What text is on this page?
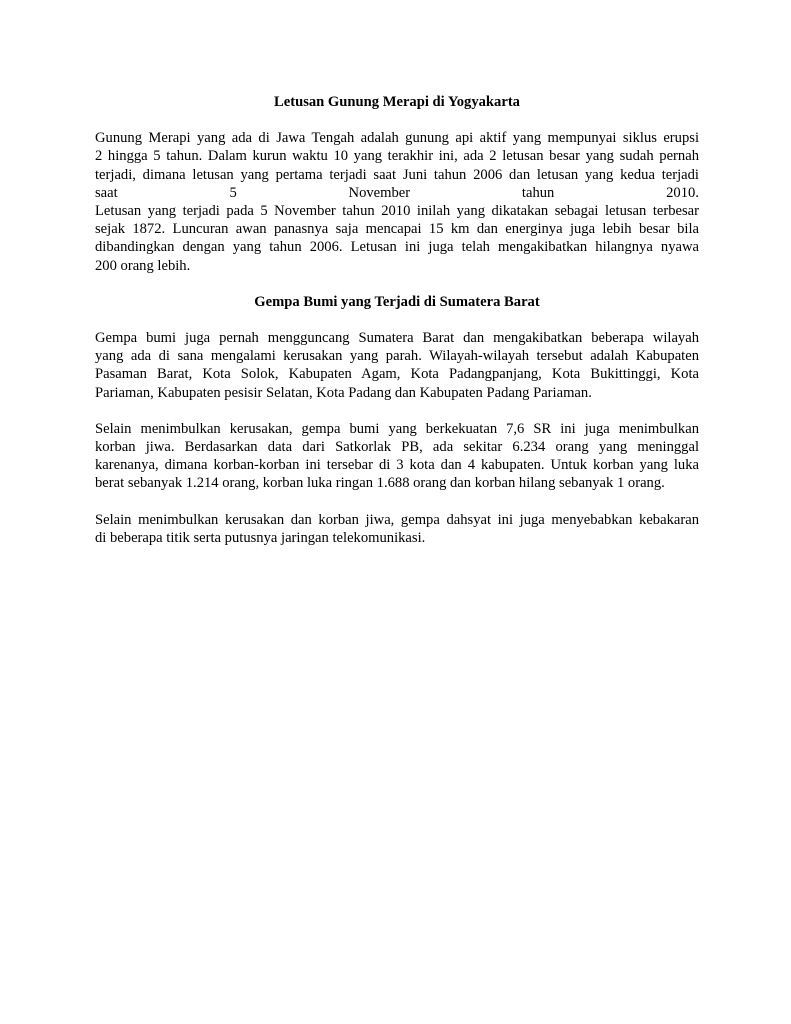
Letusan Gunung Merapi di Yogyakarta

Gunung Merapi yang ada di Jawa Tengah adalah gunung api aktif yang mempunyai siklus erupsi
2 hingga 5 tahun. Dalam kurun waktu 10 yang terakhir ini, ada 2 letusan besar yang sudah pernah
terjadi, dimana letusan yang pertama terjadi saat Juni tahun 2006 dan letusan yang kedua terjadi
saat	5	November	tahun	2010.
Letusan yang terjadi pada 5 November tahun 2010 inilah yang dikatakan sebagai letusan terbesar
sejak 1872. Luncuran awan panasnya saja mencapai 15 km dan energinya juga lebih besar bila
dibandingkan dengan yang tahun 2006. Letusan ini juga telah mengakibatkan hilangnya nyawa
200 orang lebih.

Gempa Bumi yang Terjadi di Sumatera Barat

Gempa bumi juga pernah mengguncang Sumatera Barat dan mengakibatkan beberapa wilayah
yang ada di sana mengalami kerusakan yang parah. Wilayah-wilayah tersebut adalah Kabupaten
Pasaman Barat, Kota Solok, Kabupaten Agam, Kota Padangpanjang, Kota Bukittinggi, Kota
Pariaman, Kabupaten pesisir Selatan, Kota Padang dan Kabupaten Padang Pariaman.
Selain menimbulkan kerusakan, gempa bumi yang berkekuatan 7,6 SR ini juga menimbulkan
korban jiwa. Berdasarkan data dari Satkorlak PB, ada sekitar 6.234 orang yang meninggal
karenanya, dimana korban-korban ini tersebar di 3 kota dan 4 kabupaten. Untuk korban yang luka
berat sebanyak 1.214 orang, korban luka ringan 1.688 orang dan korban hilang sebanyak 1 orang.
Selain menimbulkan kerusakan dan korban jiwa, gempa dahsyat ini juga menyebabkan kebakaran
di beberapa titik serta putusnya jaringan telekomunikasi.
